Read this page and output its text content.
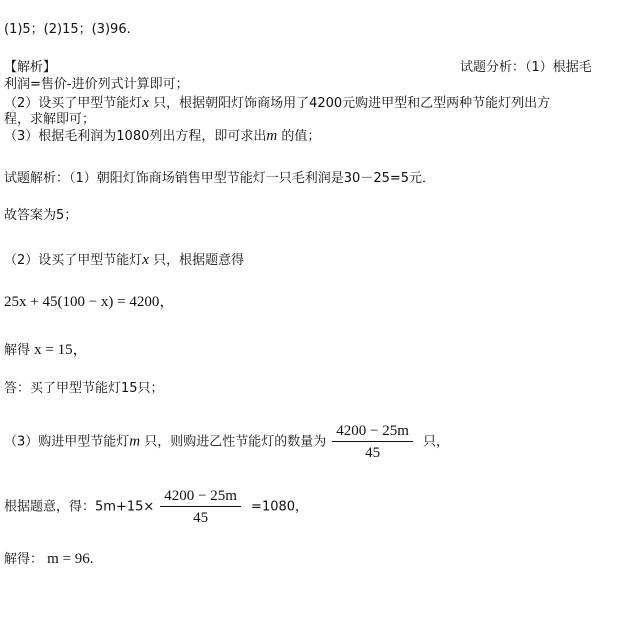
(1)5；(2)15；(3)96.
【解析】	试题分析：（1）根据毛
利润=售价-进价列式计算即可；
（2）设买了甲型节能灯x 只，根据朝阳灯饰商场用了4200元购进甲型和乙型两种节能灯列出方
程，求解即可；
（3）根据毛利润为1080列出方程，即可求出m 的值；
试题解析：（1）朝阳灯饰商场销售甲型节能灯一只毛利润是30－25=5元．
故答案为5；
（2）设买了甲型节能灯x 只，根据题意得
25x + 45(100 − x) = 4200，
解得 x = 15，
答：买了甲型节能灯15只；
（3）购进甲型节能灯m 只，则购进乙性节能灯的数量为 $\frac{4200 - 25m}{45}$ 只，
根据题意，得：$5m+15\times \frac{4200 - 25m}{45} =1080$，
解得： m = 96.
